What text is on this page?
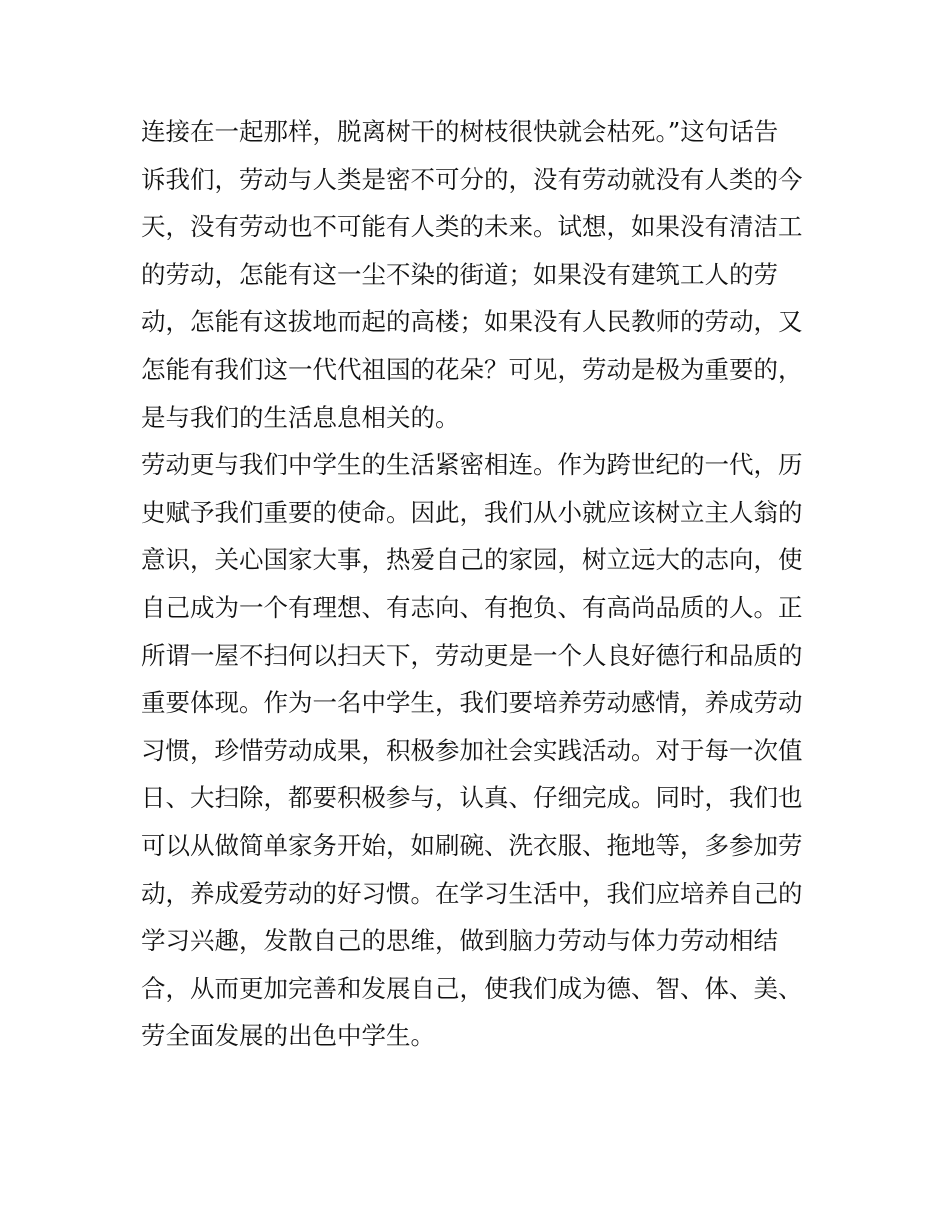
连接在一起那样，脱离树干的树枝很快就会枯死。”这句话告
诉我们，劳动与人类是密不可分的，没有劳动就没有人类的今
天，没有劳动也不可能有人类的未来。试想，如果没有清洁工
的劳动，怎能有这一尘不染的街道；如果没有建筑工人的劳
动，怎能有这拔地而起的高楼；如果没有人民教师的劳动，又
怎能有我们这一代代祖国的花朵？可见，劳动是极为重要的，
是与我们的生活息息相关的。
劳动更与我们中学生的生活紧密相连。作为跨世纪的一代，历
史赋予我们重要的使命。因此，我们从小就应该树立主人翁的
意识，关心国家大事，热爱自己的家园，树立远大的志向，使
自己成为一个有理想、有志向、有抱负、有高尚品质的人。正
所谓一屋不扫何以扫天下，劳动更是一个人良好德行和品质的
重要体现。作为一名中学生，我们要培养劳动感情，养成劳动
习惯，珍惜劳动成果，积极参加社会实践活动。对于每一次值
日、大扫除，都要积极参与，认真、仔细完成。同时，我们也
可以从做简单家务开始，如刷碗、洗衣服、拖地等，多参加劳
动，养成爱劳动的好习惯。在学习生活中，我们应培养自己的
学习兴趣，发散自己的思维，做到脑力劳动与体力劳动相结
合，从而更加完善和发展自己，使我们成为德、智、体、美、
劳全面发展的出色中学生。
